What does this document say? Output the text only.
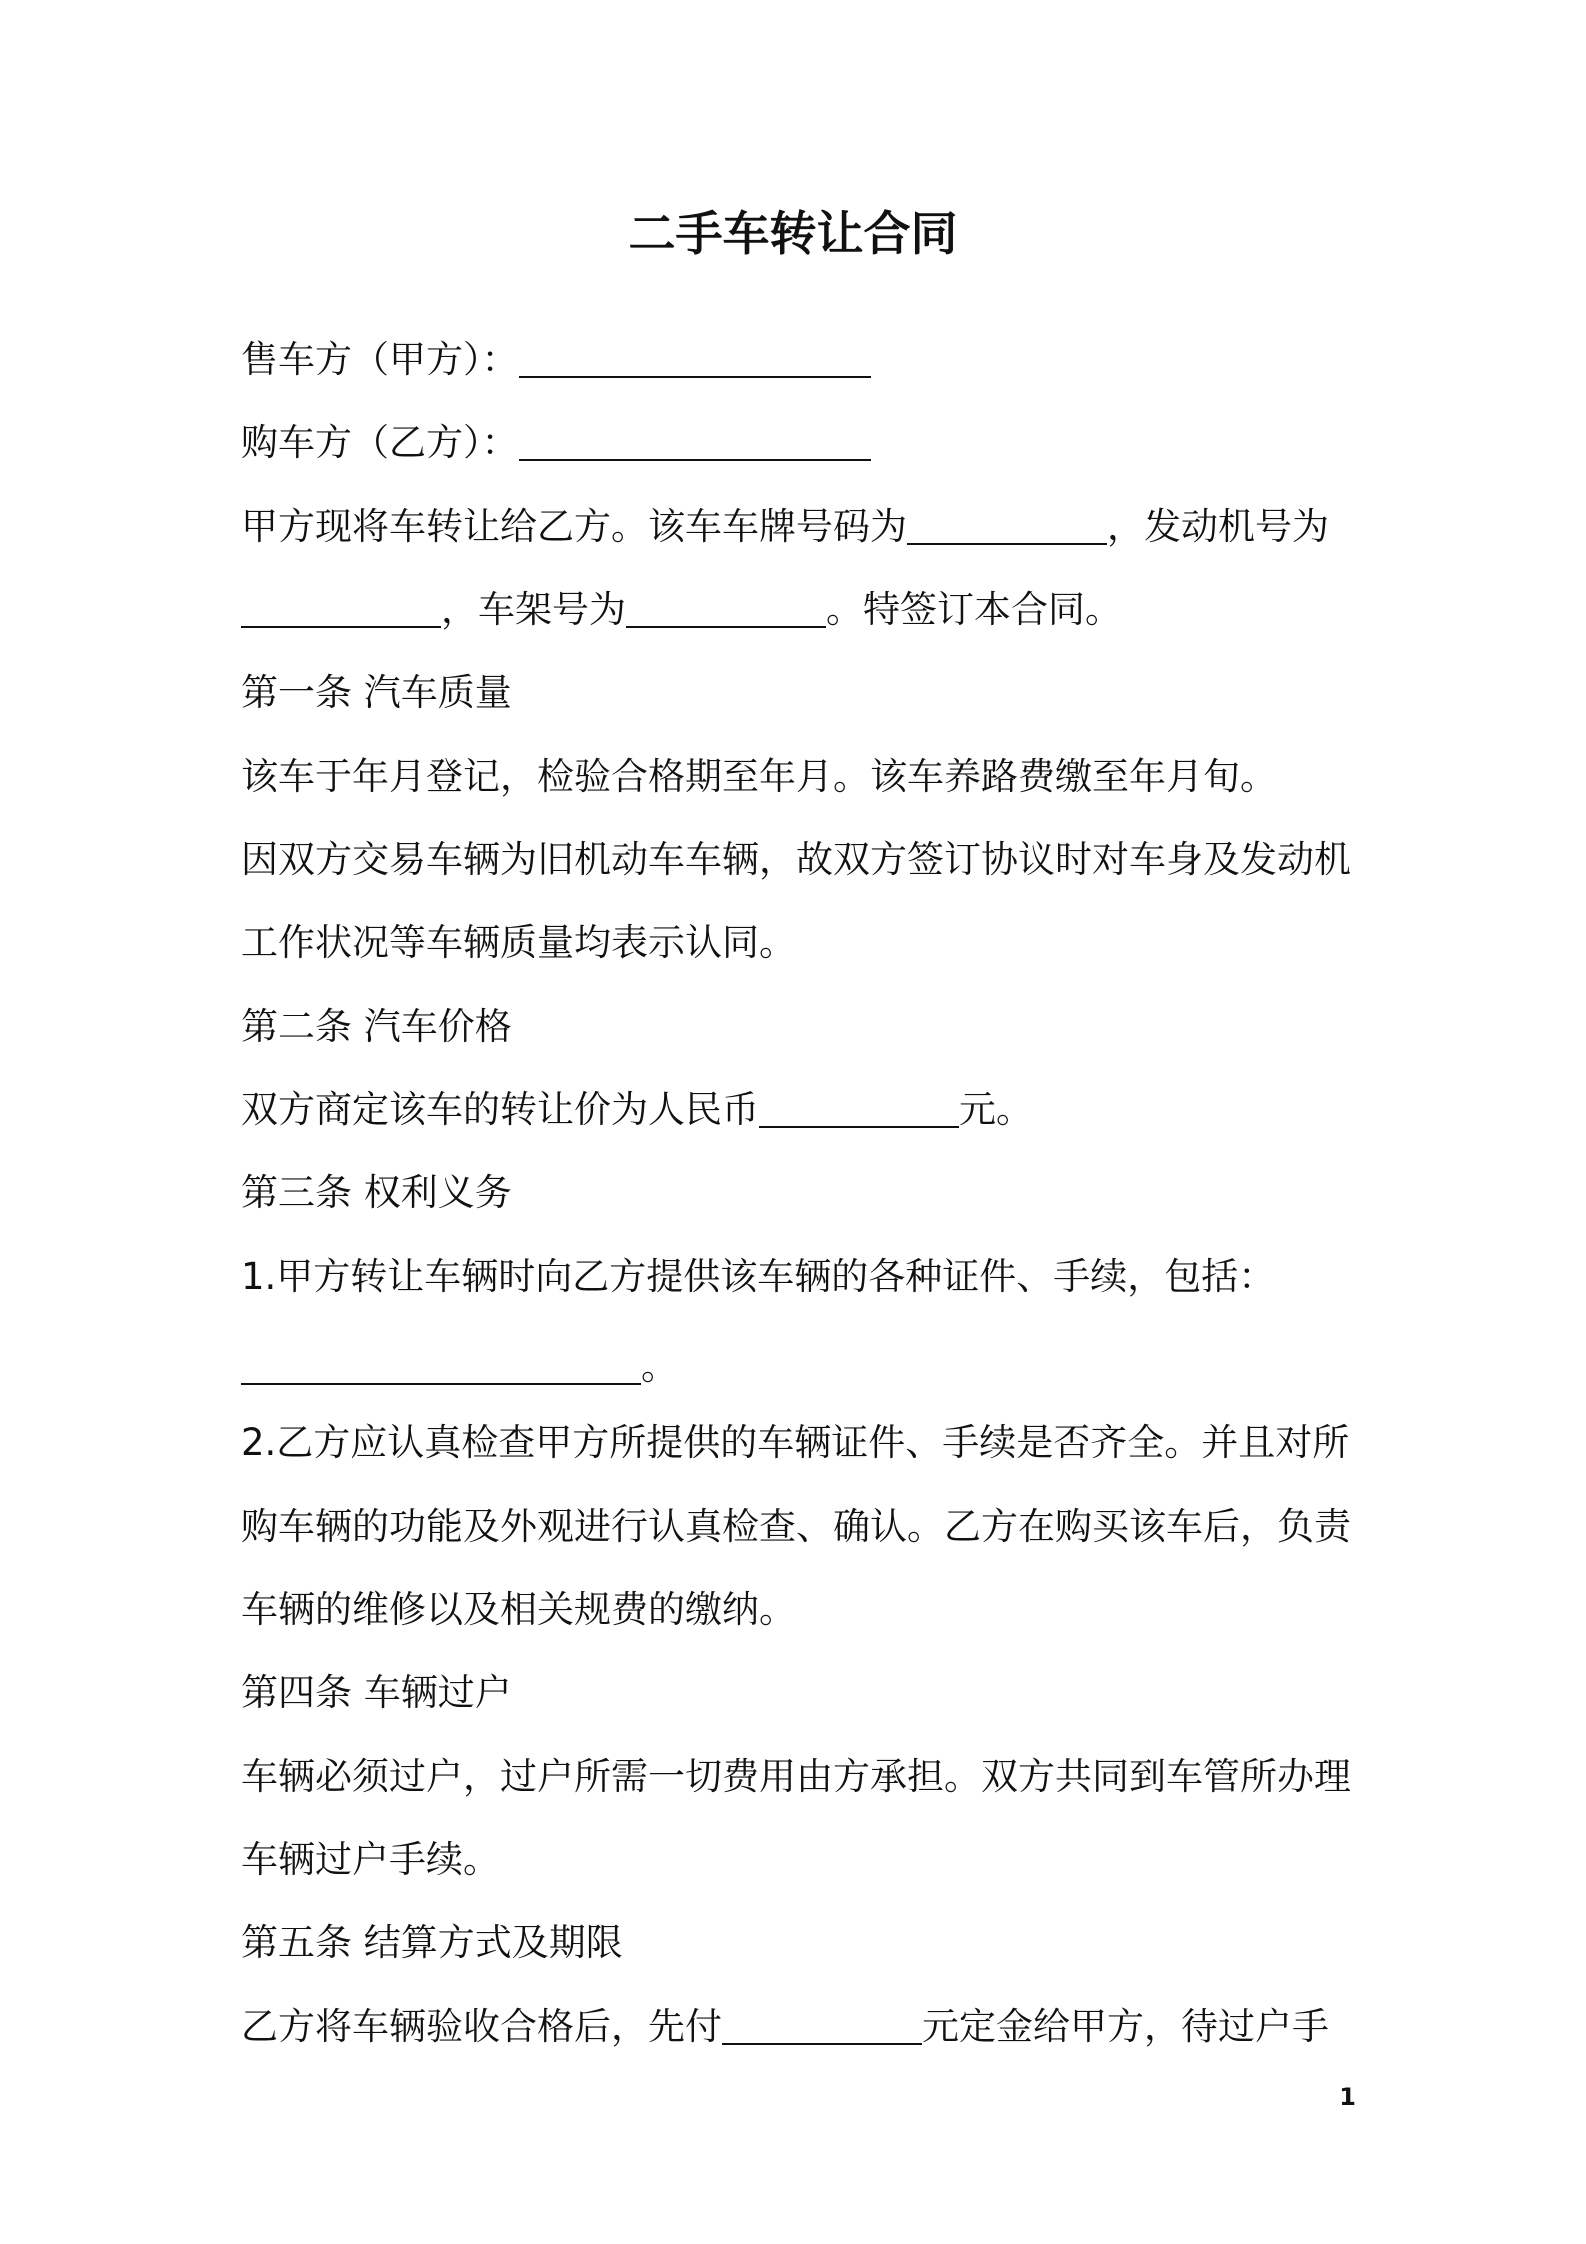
二手车转让合同
售车方（甲方）：
购车方（乙方）：
甲方现将车转让给乙方。该车车牌号码为	，发动机号为
，车架号为	。特签订本合同。
第一条 汽车质量
该车于年月登记，检验合格期至年月。该车养路费缴至年月旬。
因双方交易车辆为旧机动车车辆，故双方签订协议时对车身及发动机
工作状况等车辆质量均表示认同。
第二条 汽车价格
双方商定该车的转让价为人民币	元。
第三条 权利义务
1.甲方转让车辆时向乙方提供该车辆的各种证件、手续，包括：
。
2.乙方应认真检查甲方所提供的车辆证件、手续是否齐全。并且对所
购车辆的功能及外观进行认真检查、确认。乙方在购买该车后，负责
车辆的维修以及相关规费的缴纳。
第四条 车辆过户
车辆必须过户，过户所需一切费用由方承担。双方共同到车管所办理
车辆过户手续。
第五条 结算方式及期限
乙方将车辆验收合格后，先付	元定金给甲方，待过户手
1
